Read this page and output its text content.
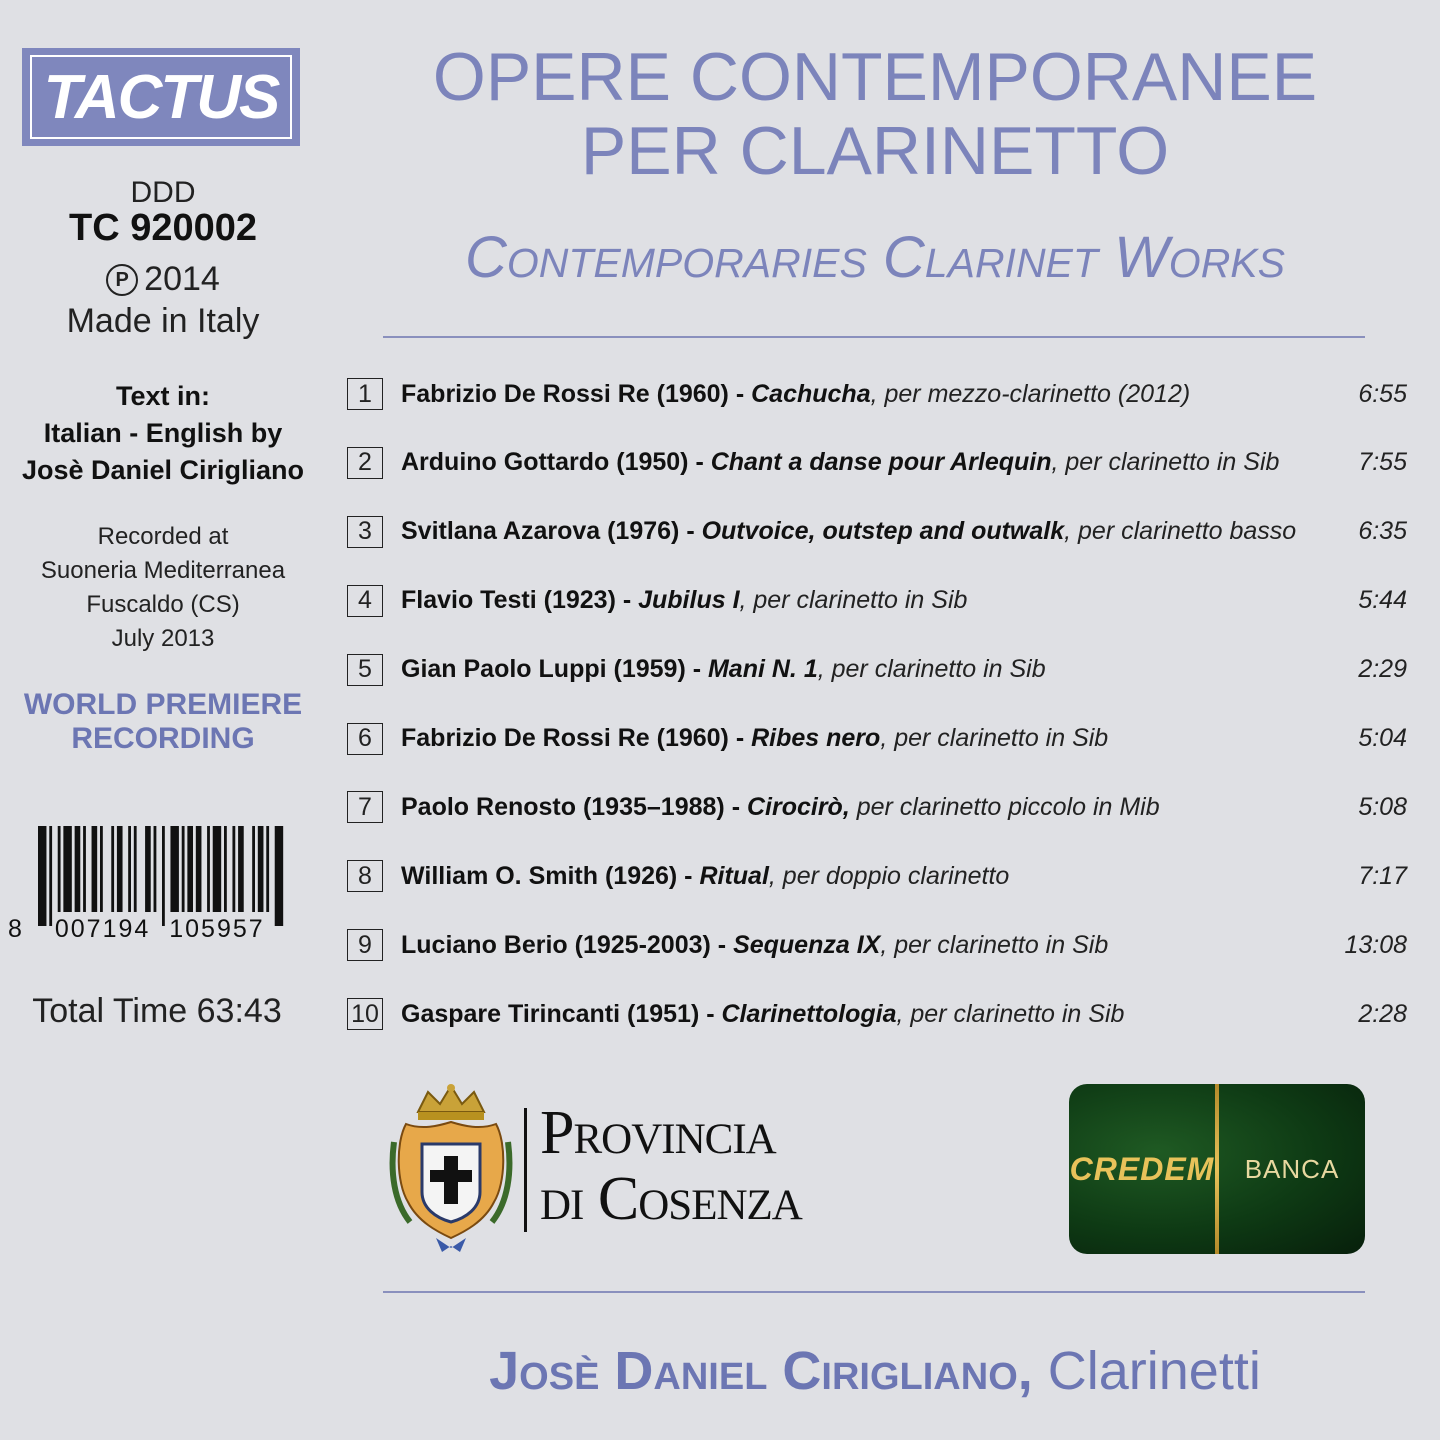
TACTUS
DDD
TC 920002
P 2014
Made in Italy
Text in:
Italian - English by
Josè Daniel Cirigliano
Recorded at
Suoneria Mediterranea
Fuscaldo (CS)
July 2013
WORLD PREMIERE
RECORDING
8 007194 105957
Total Time 63:43
OPERE CONTEMPORANEE
PER CLARINETTO
Contemporaries Clarinet Works
1	Fabrizio De Rossi Re (1960) - Cachucha, per mezzo-clarinetto (2012)	6:55
2	Arduino Gottardo (1950) - Chant a danse pour Arlequin, per clarinetto in Sib	7:55
3	Svitlana Azarova (1976) - Outvoice, outstep and outwalk, per clarinetto basso	6:35
4	Flavio Testi (1923) - Jubilus I, per clarinetto in Sib	5:44
5	Gian Paolo Luppi (1959) - Mani N. 1, per clarinetto in Sib	2:29
6	Fabrizio De Rossi Re (1960) - Ribes nero, per clarinetto in Sib	5:04
7	Paolo Renosto (1935–1988) - Cirocirò, per clarinetto piccolo in Mib	5:08
8	William O. Smith (1926) - Ritual, per doppio clarinetto	7:17
9	Luciano Berio (1925-2003) - Sequenza IX, per clarinetto in Sib	13:08
10 Gaspare Tirincanti (1951) - Clarinettologia, per clarinetto in Sib	2:28
Provincia
di Cosenza	CREDEM BANCA
Josè Daniel Cirigliano, Clarinetti
